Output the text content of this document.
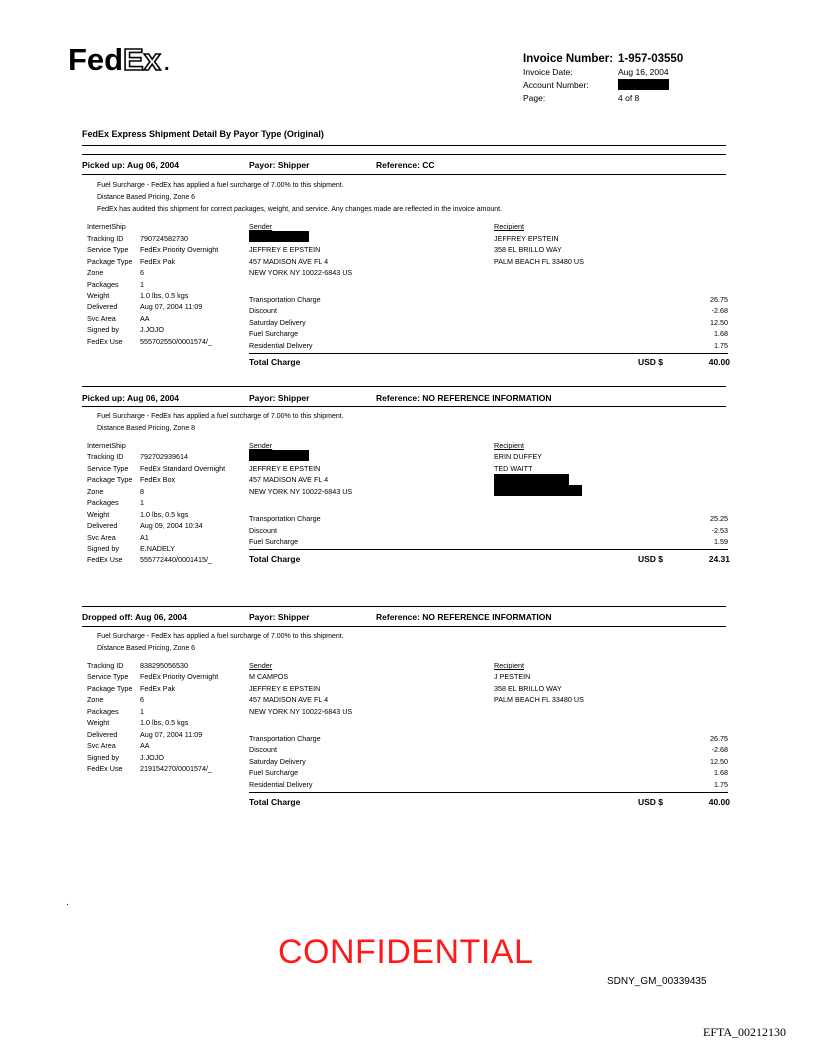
Fed Ex .	Invoice Number: 1-957-03550
Invoice Date:	Aug 16, 2004
Account Number:
Page:	4 of 8
FedEx Express Shipment Detail By Payor Type (Original)
Picked up: Aug 06, 2004	Payor: Shipper	Reference: CC
Fuel Surcharge - FedEx has applied a fuel surcharge of 7.00% to this shipment.
Distance Based Pricing, Zone 6
FedEx has audited this shipment for correct packages, weight, and service. Any changes made are reflected in the invoice amount.
InternetShip
Tracking ID 790724582730
Service Type FedEx Priority Overnight
Package Type FedEx Pak
Zone	6
Packages	1
Weight	1.0 lbs, 0.5 kgs
Delivered	Aug 07, 2004 11:09
Svc Area	AA
Signed by	J.JOJO
FedEx Use 555702550/0001574/_
Sender
JEFFREY E EPSTEIN
457 MADISON AVE FL 4
NEW YORK NY 10022-6843 US
Recipient
JEFFREY EPSTEIN
358 EL BRILLO WAY
PALM BEACH FL 33480 US
Transportation Charge	26.75
Discount	-2.68
Saturday Delivery	12.50
Fuel Surcharge	1.68
Residential Delivery	1.75
Total Charge	USD $	40.00
Picked up: Aug 06, 2004	Payor: Shipper	Reference: NO REFERENCE INFORMATION
Fuel Surcharge - FedEx has applied a fuel surcharge of 7.00% to this shipment.
Distance Based Pricing, Zone 8
InternetShip
Tracking ID 792702939614
Service Type FedEx Standard Overnight
Package Type FedEx Box
Zone	8
Packages	1
Weight	1.0 lbs, 0.5 kgs
Delivered	Aug 09, 2004 10:34
Svc Area	A1
Signed by	E.NADELY
FedEx Use 555772440/0001415/_
Sender
JEFFREY E EPSTEIN
457 MADISON AVE FL 4
NEW YORK NY 10022-6843 US
Recipient
ERIN DUFFEY
TED WAITT
Transportation Charge	25.25
Discount	-2.53
Fuel Surcharge	1.59
Total Charge	USD $	24.31
Dropped off: Aug 06, 2004	Payor: Shipper	Reference: NO REFERENCE INFORMATION
Fuel Surcharge - FedEx has applied a fuel surcharge of 7.00% to this shipment.
Distance Based Pricing, Zone 6
Tracking ID 838295056530
Service Type FedEx Priority Overnight
Package Type FedEx Pak
Zone	6
Packages	1
Weight	1.0 lbs, 0.5 kgs
Delivered	Aug 07, 2004 11:09
Svc Area	AA
Signed by	J.JOJO
FedEx Use 219154270/0001574/_
Sender
M CAMPOS
JEFFREY E EPSTEIN
457 MADISON AVE FL 4
NEW YORK NY 10022-6843 US
Recipient
J PESTEIN
358 EL BRILLO WAY
PALM BEACH FL 33480 US
Transportation Charge	26.75
Discount	-2.68
Saturday Delivery	12.50
Fuel Surcharge	1.68
Residential Delivery	1.75
Total Charge	USD $	40.00
.
CONFIDENTIAL
SDNY_GM_00339435
EFTA_00212130
